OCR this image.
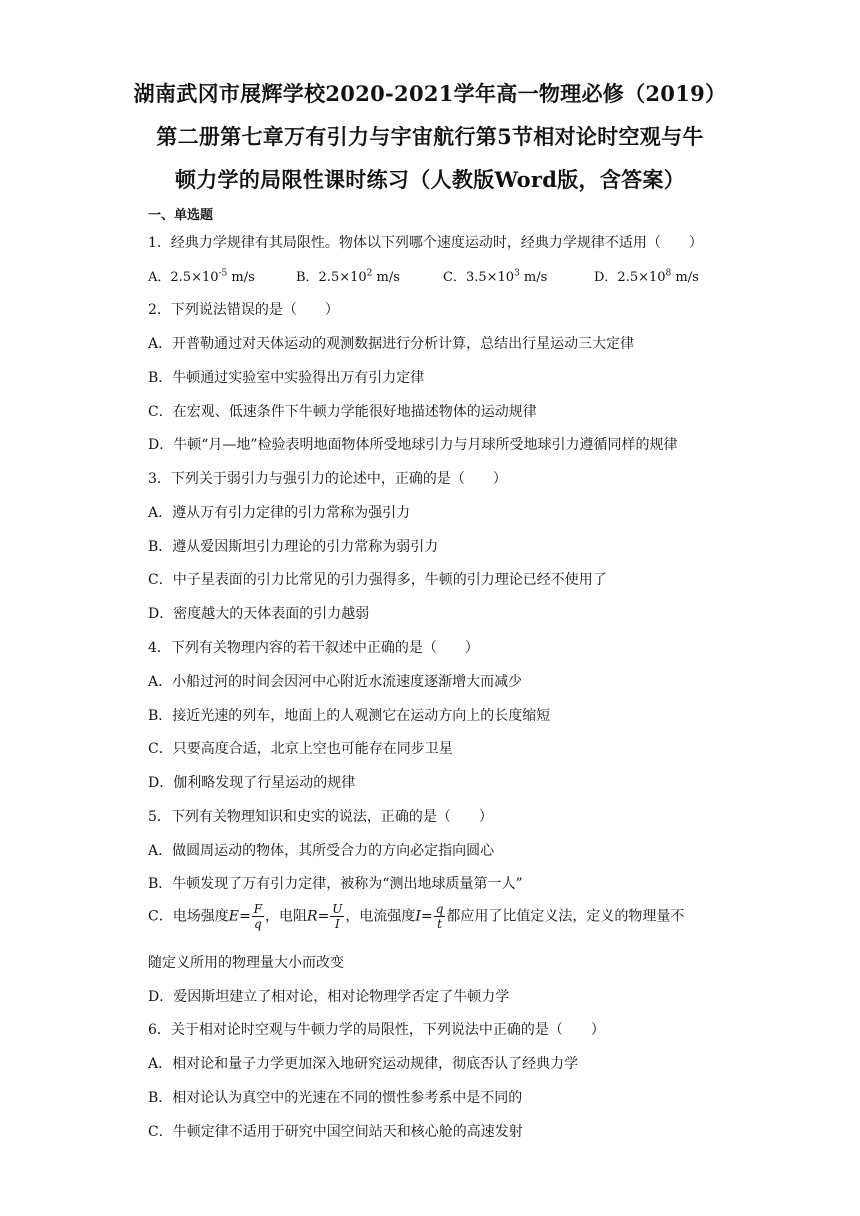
湖南武冈市展辉学校2020-2021学年高一物理必修（2019）
第二册第七章万有引力与宇宙航行第5节相对论时空观与牛
顿力学的局限性课时练习（人教版Word版，含答案）
一、单选题
1．经典力学规律有其局限性。物体以下列哪个速度运动时，经典力学规律不适用（　　）
A．$2.5\times 10^{-5}$ m/s	B．$2.5\times 10^2$ m/s	C．$3.5\times 10^3$ m/s	D．$2.5\times 10^8$ m/s
2．下列说法错误的是（　　）
A．开普勒通过对天体运动的观测数据进行分析计算，总结出行星运动三大定律
B．牛顿通过实验室中实验得出万有引力定律
C．在宏观、低速条件下牛顿力学能很好地描述物体的运动规律
D．牛顿“月—地”检验表明地面物体所受地球引力与月球所受地球引力遵循同样的规律
3．下列关于弱引力与强引力的论述中，正确的是（　　）
A．遵从万有引力定律的引力常称为强引力
B．遵从爱因斯坦引力理论的引力常称为弱引力
C．中子星表面的引力比常见的引力强得多，牛顿的引力理论已经不使用了
D．密度越大的天体表面的引力越弱
4．下列有关物理内容的若干叙述中正确的是（　　）
A．小船过河的时间会因河中心附近水流速度逐渐增大而减少
B．接近光速的列车，地面上的人观测它在运动方向上的长度缩短
C．只要高度合适，北京上空也可能存在同步卫星
D．伽利略发现了行星运动的规律
5．下列有关物理知识和史实的说法，正确的是（　　）
A．做圆周运动的物体，其所受合力的方向必定指向圆心
B．牛顿发现了万有引力定律，被称为“测出地球质量第一人”
C．电场强度$E= \frac{F}{q}$ ，电阻$R= \frac{U}{I}$ ，电流强度$I= \frac{q}{t}$ 都应用了比值定义法，定义的物理量不
随定义所用的物理量大小而改变
D．爱因斯坦建立了相对论，相对论物理学否定了牛顿力学
6．关于相对论时空观与牛顿力学的局限性，下列说法中正确的是（　　）
A．相对论和量子力学更加深入地研究运动规律，彻底否认了经典力学
B．相对论认为真空中的光速在不同的惯性参考系中是不同的
C．牛顿定律不适用于研究中国空间站天和核心舱的高速发射
